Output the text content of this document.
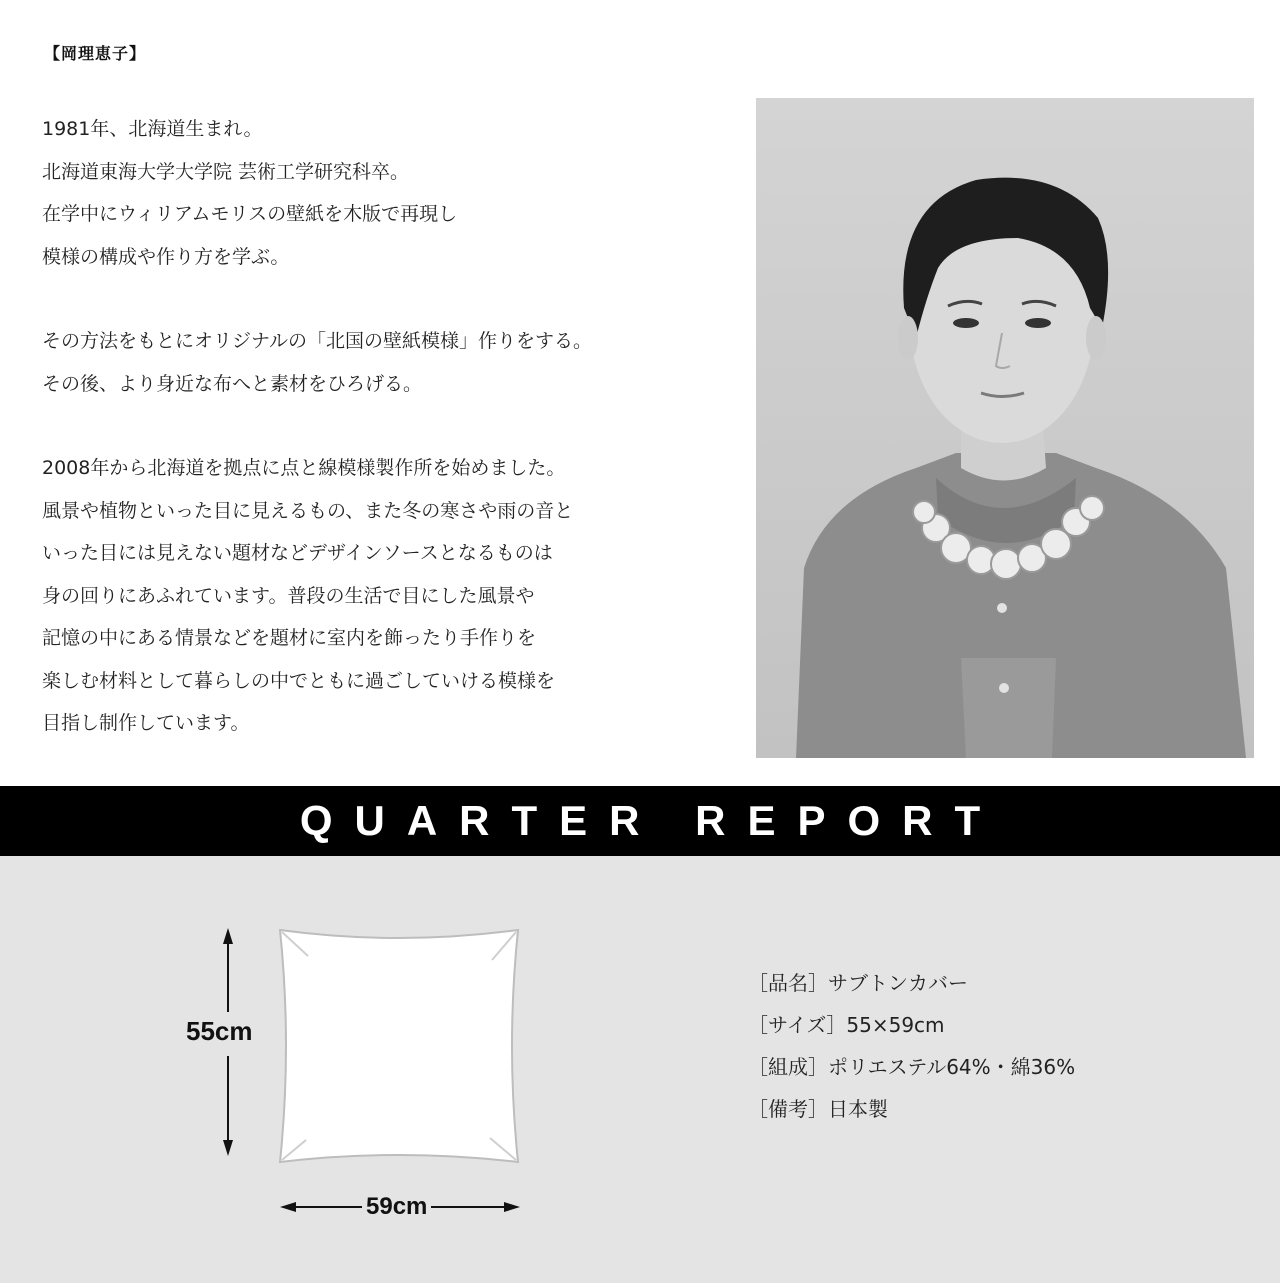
【岡理恵子】

1981年、北海道生まれ。
北海道東海大学大学院 芸術工学研究科卒。
在学中にウィリアムモリスの壁紙を木版で再現し
模様の構成や作り方を学ぶ。

その方法をもとにオリジナルの「北国の壁紙模様」作りをする。
その後、より身近な布へと素材をひろげる。

2008年から北海道を拠点に点と線模様製作所を始めました。
風景や植物といった目に見えるもの、また冬の寒さや雨の音と
いった目には見えない題材などデザインソースとなるものは
身の回りにあふれています。普段の生活で目にした風景や
記憶の中にある情景などを題材に室内を飾ったり手作りを
楽しむ材料として暮らしの中でともに過ごしていける模様を
目指し制作しています。

QUARTER REPORT
55cm
59cm
［品名］サブトンカバー
［サイズ］55×59cm
［組成］ポリエステル64%・綿36%
［備考］日本製
